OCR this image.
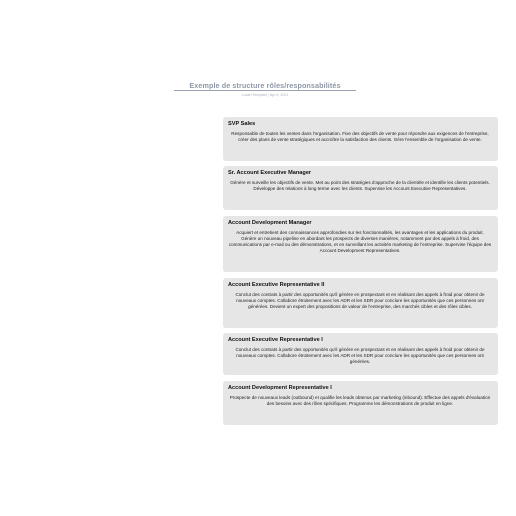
Exemple de structure rôles/responsabilités
Lucart Template | Apr 6, 2021

SVP Sales

Responsable de toutes les ventes dans l'organisation. Fixe des objectifs de vente pour répondre aux exigences de l'entreprise, créer des plans de vente stratégiques et accroître la satisfaction des clients. Gère l'ensemble de l'organisation de vente.

Sr. Account Executive Manager

Génère et surveille les objectifs de vente. Met au point des stratégies d'approche de la clientèle et identifie les clients potentiels. Développe des relations à long terme avec les clients. Supervise les Account Executive Representatives.

Account Development Manager

Acquiert et entretient des connaissances approfondies sur les fonctionnalités, les avantages et les applications du produit. Génère un nouveau pipeline en abordant les prospects de diverses manières, notamment par des appels à froid, des communications par e-mail ou des démonstrations, et en surveillant les activités marketing de l'entreprise. Supervise l'équipe des Account Development Representatives.

Account Executive Representative II

Conclut des contrats à partir des opportunités qu'il génère en prospectant et en réalisant des appels à froid pour obtenir de nouveaux comptes. Collabore étroitement avec les ADR et les SDR pour conclure les opportunités que ces personnes ont générées. Devient un expert des propositions de valeur de l'entreprise, des marchés cibles et des rôles cibles.

Account Executive Representative I

Conclut des contrats à partir des opportunités qu'il génère en prospectant et en réalisant des appels à froid pour obtenir de nouveaux comptes. Collabore étroitement avec les ADR et les SDR pour conclure les opportunités que ces personnes ont générées.

Account Development Representative I

Prospecte de nouveaux leads (outbound) et qualifie les leads obtenus par marketing (inbound). Effectue des appels d'évaluation des besoins avec des rôles spécifiques. Programme les démonstrations de produit en ligne.
